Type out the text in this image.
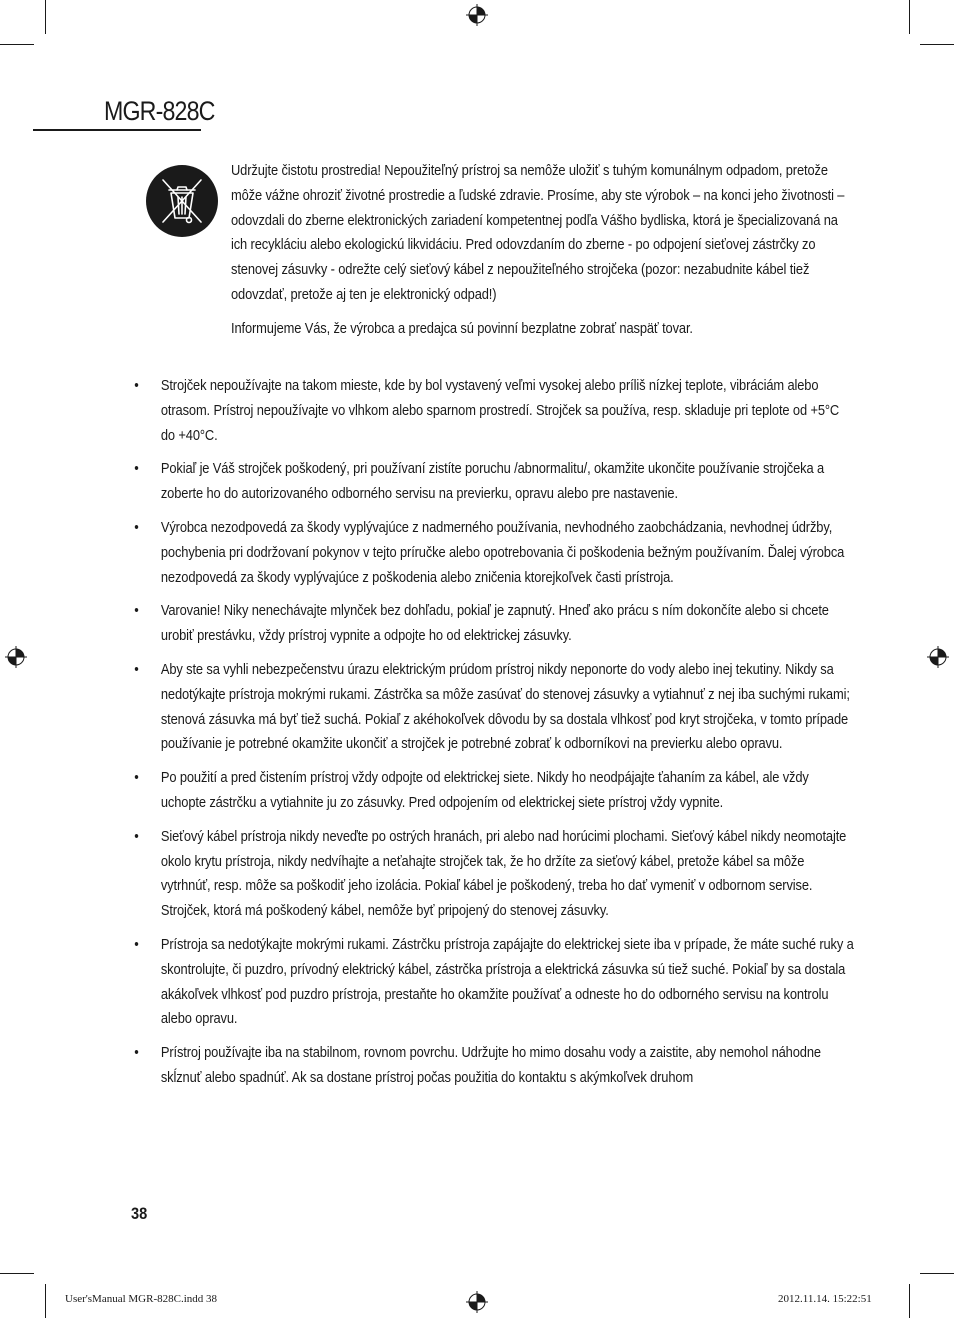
MGR-828C

Udržujte čistotu prostredia! Nepoužiteľný prístroj sa nemôže uložiť s tuhým komunálnym odpadom, pretože môže vážne ohroziť životné prostredie a ľudské zdravie. Prosíme, aby ste výrobok – na konci jeho životnosti – odovzdali do zberne elektronických zariadení kompetentnej podľa Vášho bydliska, ktorá je špecializovaná na ich recykláciu alebo ekologickú likvidáciu. Pred odovzdaním do zberne - po odpojení sieťovej zástrčky zo stenovej zásuvky - odrežte celý sieťový kábel z nepoužiteľného strojčeka (pozor: nezabudnite kábel tiež odovzdať, pretože aj ten je elektronický odpad!)

Informujeme Vás, že výrobca a predajca sú povinní bezplatne zobrať naspäť tovar.

• Strojček nepoužívajte na takom mieste, kde by bol vystavený veľmi vysokej alebo príliš nízkej teplote, vibráciám alebo otrasom. Prístroj nepoužívajte vo vlhkom alebo sparnom prostredí. Strojček sa používa, resp. skladuje pri teplote od +5°C do +40°C.
• Pokiaľ je Váš strojček poškodený, pri používaní zistíte poruchu /abnormalitu/, okamžite ukončite používanie strojčeka a zoberte ho do autorizovaného odborného servisu na previerku, opravu alebo pre nastavenie.
• Výrobca nezodpovedá za škody vyplývajúce z nadmerného používania, nevhodného zaobchádzania, nevhodnej údržby, pochybenia pri dodržovaní pokynov v tejto príručke alebo opotrebovania či poškodenia bežným používaním. Ďalej výrobca nezodpovedá za škody vyplývajúce z poškodenia alebo zničenia ktorejkoľvek časti prístroja.
• Varovanie! Niky nenechávajte mlynček bez dohľadu, pokiaľ je zapnutý. Hneď ako prácu s ním dokončíte alebo si chcete urobiť prestávku, vždy prístroj vypnite a odpojte ho od elektrickej zásuvky.
• Aby ste sa vyhli nebezpečenstvu úrazu elektrickým prúdom prístroj nikdy neponorte do vody alebo inej tekutiny. Nikdy sa nedotýkajte prístroja mokrými rukami. Zástrčka sa môže zasúvať do stenovej zásuvky a vytiahnuť z nej iba suchými rukami; stenová zásuvka má byť tiež suchá. Pokiaľ z akéhokoľvek dôvodu by sa dostala vlhkosť pod kryt strojčeka, v tomto prípade používanie je potrebné okamžite ukončiť a strojček je potrebné zobrať k odborníkovi na previerku alebo opravu.
• Po použití a pred čistením prístroj vždy odpojte od elektrickej siete. Nikdy ho neodpájajte ťahaním za kábel, ale vždy uchopte zástrčku a vytiahnite ju zo zásuvky. Pred odpojením od elektrickej siete prístroj vždy vypnite.
• Sieťový kábel prístroja nikdy neveďte po ostrých hranách, pri alebo nad horúcimi plochami. Sieťový kábel nikdy neomotajte okolo krytu prístroja, nikdy nedvíhajte a neťahajte strojček tak, že ho držíte za sieťový kábel, pretože kábel sa môže vytrhnúť, resp. môže sa poškodiť jeho izolácia. Pokiaľ kábel je poškodený, treba ho dať vymeniť v odbornom servise. Strojček, ktorá má poškodený kábel, nemôže byť pripojený do stenovej zásuvky.
• Prístroja sa nedotýkajte mokrými rukami. Zástrčku prístroja zapájajte do elektrickej siete iba v prípade, že máte suché ruky a skontrolujte, či puzdro, prívodný elektrický kábel, zástrčka prístroja a elektrická zásuvka sú tiež suché. Pokiaľ by sa dostala akákoľvek vlhkosť pod puzdro prístroja, prestaňte ho okamžite používať a odneste ho do odborného servisu na kontrolu alebo opravu.
• Prístroj používajte iba na stabilnom, rovnom povrchu. Udržujte ho mimo dosahu vody a zaistite, aby nemohol náhodne skĺznuť alebo spadnúť. Ak sa dostane prístroj počas použitia do kontaktu s akýmkoľvek druhom
38
User'sManual MGR-828C.indd 38	2012.11.14. 15:22:51
